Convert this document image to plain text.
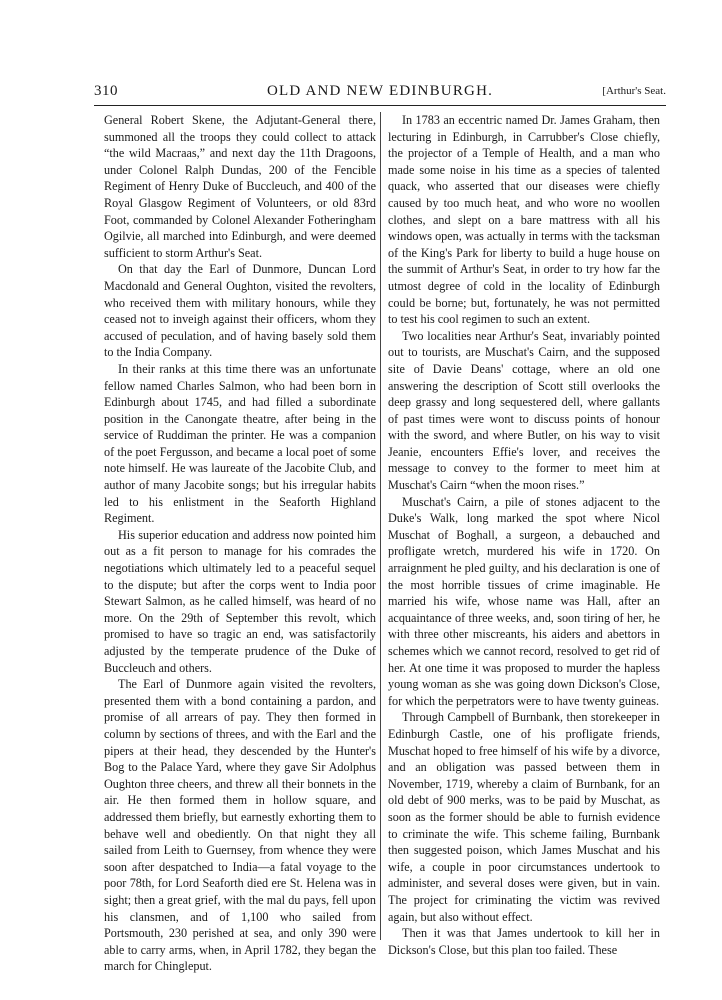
OLD AND NEW EDINBURGH.
310	[Arthur's Seat.

General Robert Skene, the Adjutant-General there, summoned all the troops they could collect to attack “the wild Macraas,” and next day the 11th Dragoons, under Colonel Ralph Dundas, 200 of the Fencible Regiment of Henry Duke of Buccleuch, and 400 of the Royal Glasgow Regiment of Volunteers, or old 83rd Foot, commanded by Colonel Alexander Fotheringham Ogilvie, all marched into Edinburgh, and were deemed sufficient to storm Arthur's Seat.

On that day the Earl of Dunmore, Duncan Lord Macdonald and General Oughton, visited the revolters, who received them with military honours, while they ceased not to inveigh against their officers, whom they accused of peculation, and of having basely sold them to the India Company.

In their ranks at this time there was an unfortunate fellow named Charles Salmon, who had been born in Edinburgh about 1745, and had filled a subordinate position in the Canongate theatre, after being in the service of Ruddiman the printer. He was a companion of the poet Fergusson, and became a local poet of some note himself. He was laureate of the Jacobite Club, and author of many Jacobite songs; but his irregular habits led to his enlistment in the Seaforth Highland Regiment.

His superior education and address now pointed him out as a fit person to manage for his comrades the negotiations which ultimately led to a peaceful sequel to the dispute; but after the corps went to India poor Stewart Salmon, as he called himself, was heard of no more. On the 29th of September this revolt, which promised to have so tragic an end, was satisfactorily adjusted by the temperate prudence of the Duke of Buccleuch and others.

The Earl of Dunmore again visited the revolters, presented them with a bond containing a pardon, and promise of all arrears of pay. They then formed in column by sections of threes, and with the Earl and the pipers at their head, they descended by the Hunter's Bog to the Palace Yard, where they gave Sir Adolphus Oughton three cheers, and threw all their bonnets in the air. He then formed them in hollow square, and addressed them briefly, but earnestly exhorting them to behave well and obediently. On that night they all sailed from Leith to Guernsey, from whence they were soon after despatched to India—a fatal voyage to the poor 78th, for Lord Seaforth died ere St. Helena was in sight; then a great grief, with the mal du pays, fell upon his clansmen, and of 1,100 who sailed from Portsmouth, 230 perished at sea, and only 390 were able to carry arms, when, in April 1782, they began the march for Chingleput.

In 1783 an eccentric named Dr. James Graham, then lecturing in Edinburgh, in Carrubber's Close chiefly, the projector of a Temple of Health, and a man who made some noise in his time as a species of talented quack, who asserted that our diseases were chiefly caused by too much heat, and who wore no woollen clothes, and slept on a bare mattress with all his windows open, was actually in terms with the tacksman of the King's Park for liberty to build a huge house on the summit of Arthur's Seat, in order to try how far the utmost degree of cold in the locality of Edinburgh could be borne; but, fortunately, he was not permitted to test his cool regimen to such an extent.

Two localities near Arthur's Seat, invariably pointed out to tourists, are Muschat's Cairn, and the supposed site of Davie Deans' cottage, where an old one answering the description of Scott still overlooks the deep grassy and long sequestered dell, where gallants of past times were wont to discuss points of honour with the sword, and where Butler, on his way to visit Jeanie, encounters Effie's lover, and receives the message to convey to the former to meet him at Muschat's Cairn “when the moon rises.”

Muschat's Cairn, a pile of stones adjacent to the Duke's Walk, long marked the spot where Nicol Muschat of Boghall, a surgeon, a debauched and profligate wretch, murdered his wife in 1720. On arraignment he pled guilty, and his declaration is one of the most horrible tissues of crime imaginable. He married his wife, whose name was Hall, after an acquaintance of three weeks, and, soon tiring of her, he with three other miscreants, his aiders and abettors in schemes which we cannot record, resolved to get rid of her. At one time it was proposed to murder the hapless young woman as she was going down Dickson's Close, for which the perpetrators were to have twenty guineas.

Through Campbell of Burnbank, then storekeeper in Edinburgh Castle, one of his profligate friends, Muschat hoped to free himself of his wife by a divorce, and an obligation was passed between them in November, 1719, whereby a claim of Burnbank, for an old debt of 900 merks, was to be paid by Muschat, as soon as the former should be able to furnish evidence to criminate the wife. This scheme failing, Burnbank then suggested poison, which James Muschat and his wife, a couple in poor circumstances undertook to administer, and several doses were given, but in vain. The project for criminating the victim was revived again, but also without effect.

Then it was that James undertook to kill her in Dickson's Close, but this plan too failed. These
